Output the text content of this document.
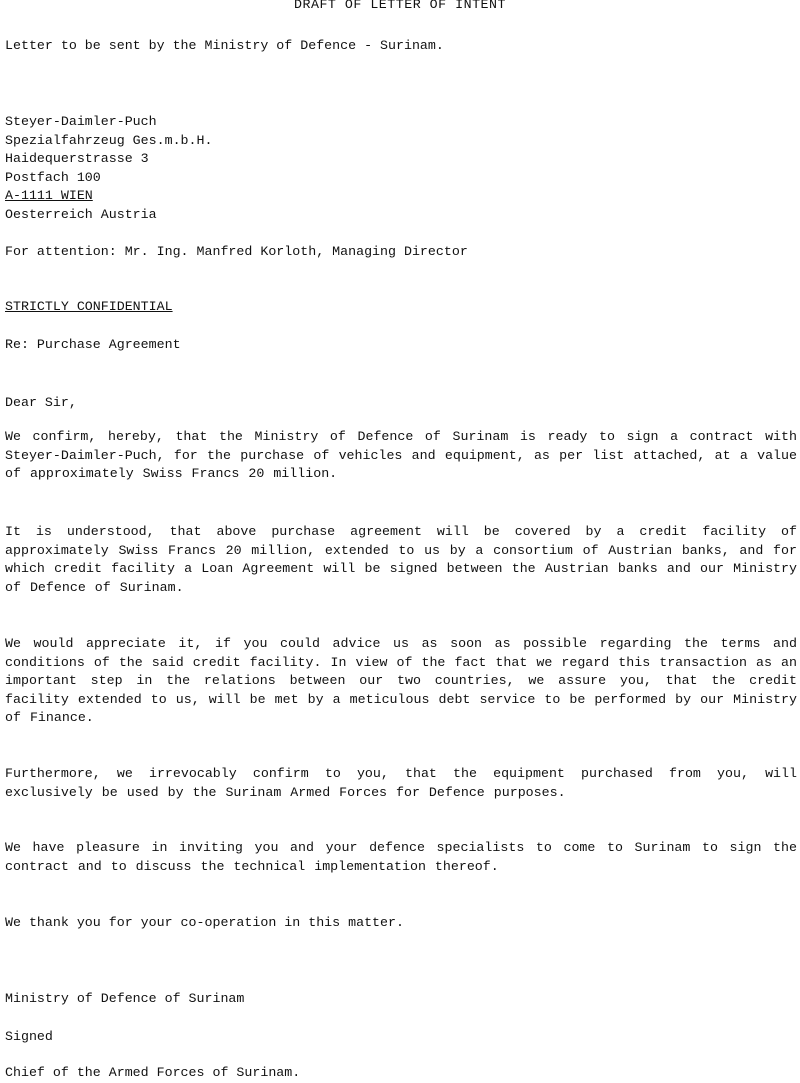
DRAFT OF LETTER OF INTENT
Letter to be sent by the Ministry of Defence - Surinam.
Steyer-Daimler-Puch
Spezialfahrzeug Ges.m.b.H.
Haidequerstrasse 3
Postfach 100
A-1111 WIEN
Oesterreich Austria
For attention: Mr. Ing. Manfred Korloth, Managing Director
STRICTLY CONFIDENTIAL
Re: Purchase Agreement
Dear Sir,
We confirm, hereby, that the Ministry of Defence of Surinam is ready to sign a contract with Steyer-Daimler-Puch, for the purchase of vehicles and equipment, as per list attached, at a value of approximately Swiss Francs 20 million.
It is understood, that above purchase agreement will be covered by a credit facility of approximately Swiss Francs 20 million, extended to us by a consortium of Austrian banks, and for which credit facility a Loan Agreement will be signed between the Austrian banks and our Ministry of Defence of Surinam.
We would appreciate it, if you could advice us as soon as possible regarding the terms and conditions of the said credit facility. In view of the fact that we regard this transaction as an important step in the relations between our two countries, we assure you, that the credit facility extended to us, will be met by a meticulous debt service to be performed by our Ministry of Finance.
Furthermore, we irrevocably confirm to you, that the equipment purchased from you, will exclusively be used by the Surinam Armed Forces for Defence purposes.
We have pleasure in inviting you and your defence specialists to come to Surinam to sign the contract and to discuss the technical implementation thereof.
We thank you for your co-operation in this matter.
Ministry of Defence of Surinam
Signed
Chief of the Armed Forces of Surinam.
